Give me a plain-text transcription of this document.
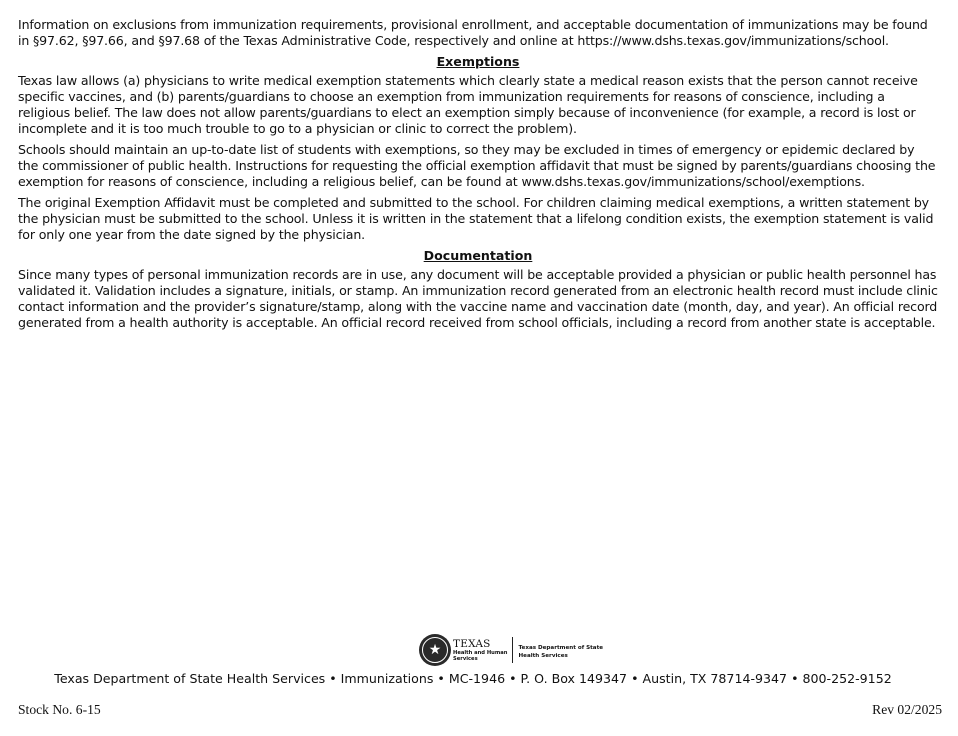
Information on exclusions from immunization requirements, provisional enrollment, and acceptable documentation of immunizations may be found in §97.62, §97.66, and §97.68 of the Texas Administrative Code, respectively and online at https://www.dshs.texas.gov/immunizations/school.

Exemptions

Texas law allows (a) physicians to write medical exemption statements which clearly state a medical reason exists that the person cannot receive specific vaccines, and (b) parents/guardians to choose an exemption from immunization requirements for reasons of conscience, including a religious belief. The law does not allow parents/guardians to elect an exemption simply because of inconvenience (for example, a record is lost or incomplete and it is too much trouble to go to a physician or clinic to correct the problem).

Schools should maintain an up-to-date list of students with exemptions, so they may be excluded in times of emergency or epidemic declared by the commissioner of public health. Instructions for requesting the official exemption affidavit that must be signed by parents/guardians choosing the exemption for reasons of conscience, including a religious belief, can be found at www.dshs.texas.gov/immunizations/school/exemptions.

The original Exemption Affidavit must be completed and submitted to the school. For children claiming medical exemptions, a written statement by the physician must be submitted to the school. Unless it is written in the statement that a lifelong condition exists, the exemption statement is valid for only one year from the date signed by the physician.

Documentation

Since many types of personal immunization records are in use, any document will be acceptable provided a physician or public health personnel has validated it. Validation includes a signature, initials, or stamp. An immunization record generated from an electronic health record must include clinic contact information and the provider’s signature/stamp, along with the vaccine name and vaccination date (month, day, and year). An official record generated from a health authority is acceptable. An official record received from school officials, including a record from another state is acceptable.

★ TEXAS
Health and Human
Services
Texas Department of State
Health Services
Texas Department of State Health Services • Immunizations • MC-1946 • P. O. Box 149347 • Austin, TX 78714-9347 • 800-252-9152
Stock No. 6-15	Rev 02/2025
